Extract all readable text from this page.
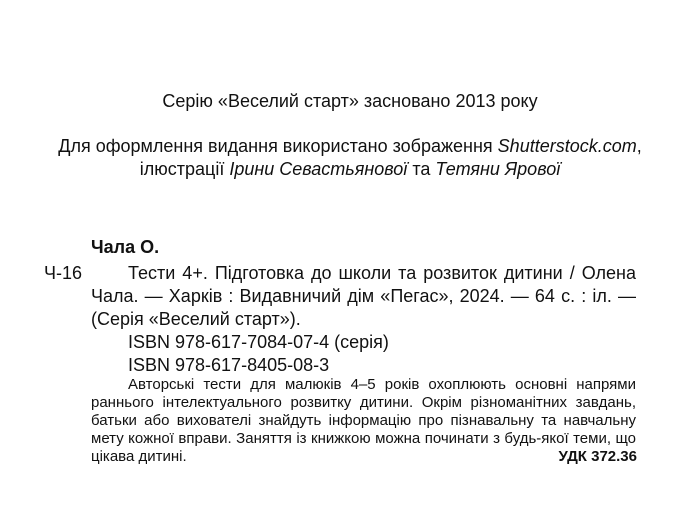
Серію «Веселий старт» засновано 2013 року
Для оформлення видання використано зображення Shutterstock.com,
ілюстрації Ірини Севастьянової та Тетяни Ярової
Чала О.
Ч-16	Тести 4+. Підготовка до школи та розвиток дитини / Олена Чала. — Харків : Видавничий дім «Пегас», 2024. — 64 с. : іл. — (Серія «Веселий старт»).
ISBN 978-617-7084-07-4 (серія)
ISBN 978-617-8405-08-3
Авторські тести для малюків 4–5 років охоплюють основні напрями раннього інтелектуального розвитку дитини. Окрім різноманітних завдань, батьки або вихователі знайдуть інформацію про пізнавальну та навчальну мету кожної вправи. Заняття із книжкою можна починати з будь-якої теми, що цікава дитині.	УДК 372.36
